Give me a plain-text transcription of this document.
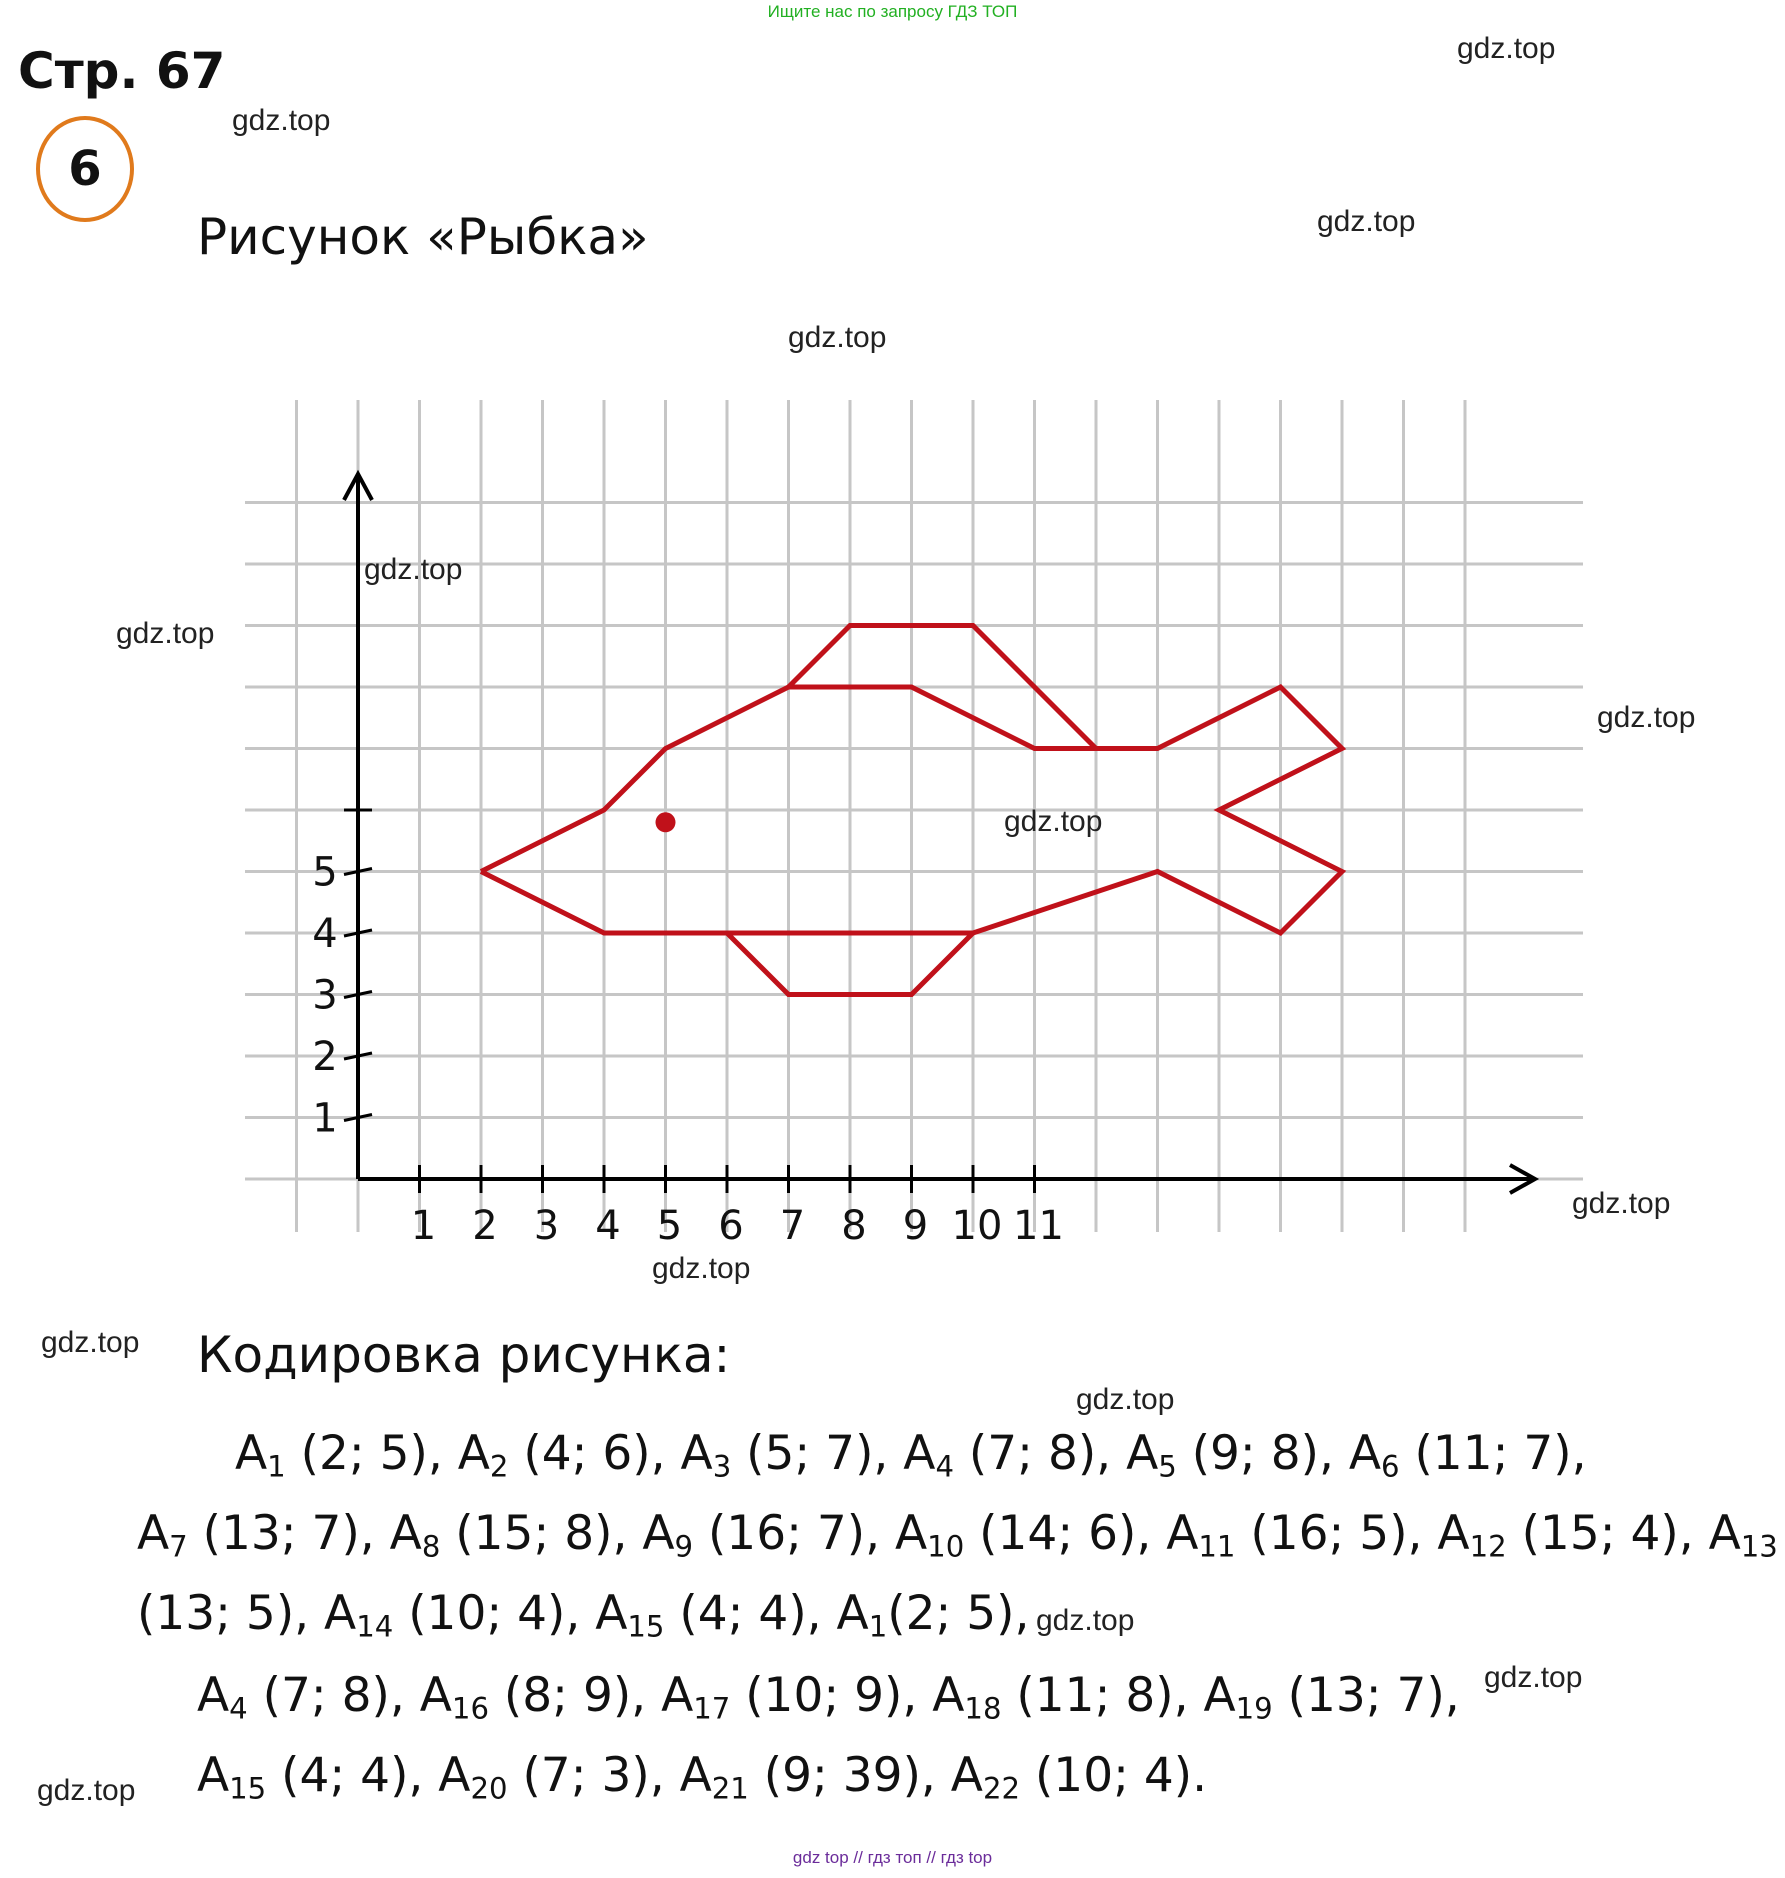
Ищите нас по запросу ГДЗ ТОП
Стр. 67
6
Рисунок «Рыбка»
1 2 3 4 5 6 7 8 9 10 11
1
2
3
4
5
Кодировка рисунка:
$A_1$ (2; 5), $A_2$ (4; 6), $A_3$ (5; 7), $A_4$ (7; 8), $A_5$ (9; 8), $A_6$ (11; 7),
$A_7$ (13; 7), $A_8$ (15; 8), $A_9$ (16; 7), $A_{10}$ (14; 6), $A_{11}$ (16; 5), $A_{12}$ (15; 4), $A_{13}$
(13; 5), $A_{14}$ (10; 4), $A_{15}$ (4; 4), $A_1(2$; 5),
$A_4$ (7; 8), $A_{16}$ (8; 9), $A_{17}$ (10; 9), $A_{18}$ (11; 8), $A_{19}$ (13; 7),
$A_{15}$ (4; 4), $A_{20}$ (7; 3), $A_{21}$ (9; 39), $A_{22}$ (10; 4).
gdz.top
gdz.top
gdz.top
gdz.top
gdz.top
gdz.top
gdz.top
gdz.top
gdz.top
gdz.top
gdz.top
gdz.top
gdz.top
gdz.top
gdz.top
gdz top // гдз топ // гдз top
